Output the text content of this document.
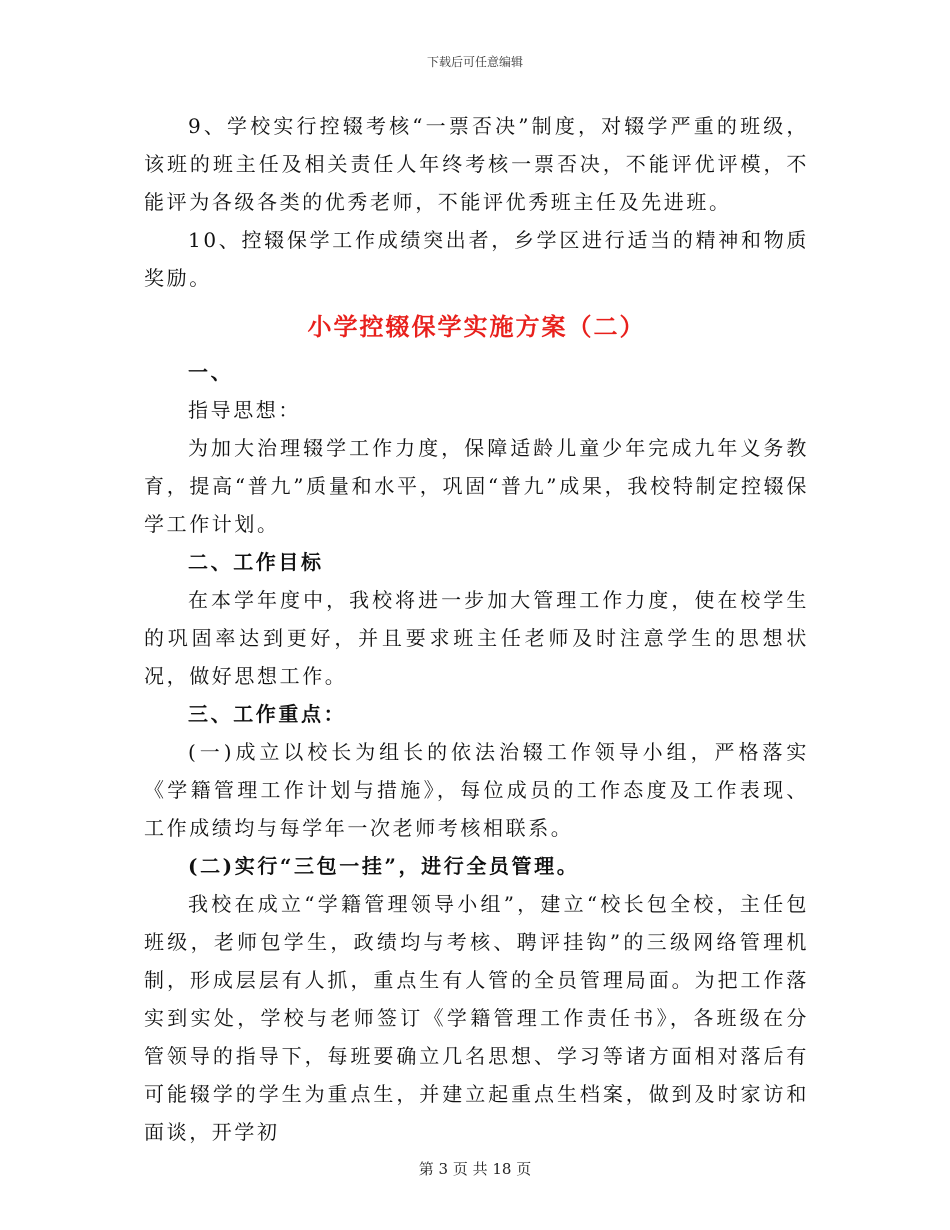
下载后可任意编辑

9、学校实行控辍考核“一票否决”制度，对辍学严重的班级，该班的班主任及相关责任人年终考核一票否决，不能评优评模，不能评为各级各类的优秀老师，不能评优秀班主任及先进班。

10、控辍保学工作成绩突出者，乡学区进行适当的精神和物质奖励。

小学控辍保学实施方案（二）

一、

指导思想：

为加大治理辍学工作力度，保障适龄儿童少年完成九年义务教育，提高“普九”质量和水平，巩固“普九”成果，我校特制定控辍保学工作计划。

二、工作目标

在本学年度中，我校将进一步加大管理工作力度，使在校学生的巩固率达到更好，并且要求班主任老师及时注意学生的思想状况，做好思想工作。

三、工作重点：

(一)成立以校长为组长的依法治辍工作领导小组，严格落实《学籍管理工作计划与措施》，每位成员的工作态度及工作表现、工作成绩均与每学年一次老师考核相联系。

(二)实行“三包一挂”，进行全员管理。

我校在成立“学籍管理领导小组”，建立“校长包全校，主任包班级，老师包学生，政绩均与考核、聘评挂钩”的三级网络管理机制，形成层层有人抓，重点生有人管的全员管理局面。为把工作落实到实处，学校与老师签订《学籍管理工作责任书》，各班级在分管领导的指导下，每班要确立几名思想、学习等诸方面相对落后有可能辍学的学生为重点生，并建立起重点生档案，做到及时家访和面谈，开学初

第 3 页 共 18 页
